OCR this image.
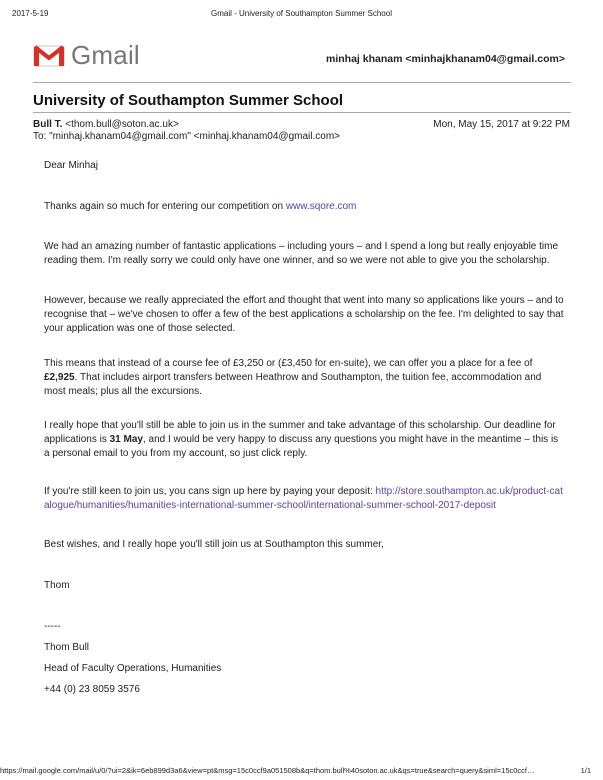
2017-5-19	Gmail - University of Southampton Summer School
Gmail	minhaj khanam <minhajkhanam04@gmail.com>
University of Southampton Summer School
Bull T. <thom.bull@soton.ac.uk>	Mon, May 15, 2017 at 9:22 PM
To: "minhaj.khanam04@gmail.com" <minhaj.khanam04@gmail.com>
Dear Minhaj
Thanks again so much for entering our competition on www.sqore.com
We had an amazing number of fantastic applications – including yours – and I spend a long but really enjoyable time reading them. I'm really sorry we could only have one winner, and so we were not able to give you the scholarship.
However, because we really appreciated the effort and thought that went into many so applications like yours – and to recognise that – we've chosen to offer a few of the best applications a scholarship on the fee. I'm delighted to say that your application was one of those selected.
This means that instead of a course fee of £3,250 or (£3,450 for en-suite), we can offer you a place for a fee of £2,925. That includes airport transfers between Heathrow and Southampton, the tuition fee, accommodation and most meals; plus all the excursions.
I really hope that you'll still be able to join us in the summer and take advantage of this scholarship. Our deadline for applications is 31 May, and I would be very happy to discuss any questions you might have in the meantime – this is a personal email to you from my account, so just click reply.
If you're still keen to join us, you cans sign up here by paying your deposit: http://store.southampton.ac.uk/product-catalogue/humanities/humanities-international-summer-school/international-summer-school-2017-deposit
Best wishes, and I really hope you'll still join us at Southampton this summer,
Thom
-----
Thom Bull
Head of Faculty Operations, Humanities
+44 (0) 23 8059 3576
https://mail.google.com/mail/u/0/?ui=2&ik=6eb899d3a6&view=pt&msg=15c0ccf9a051508b&q=thom.bull%40soton.ac.uk&qs=true&search=query&siml=15c0ccf…	1/1
